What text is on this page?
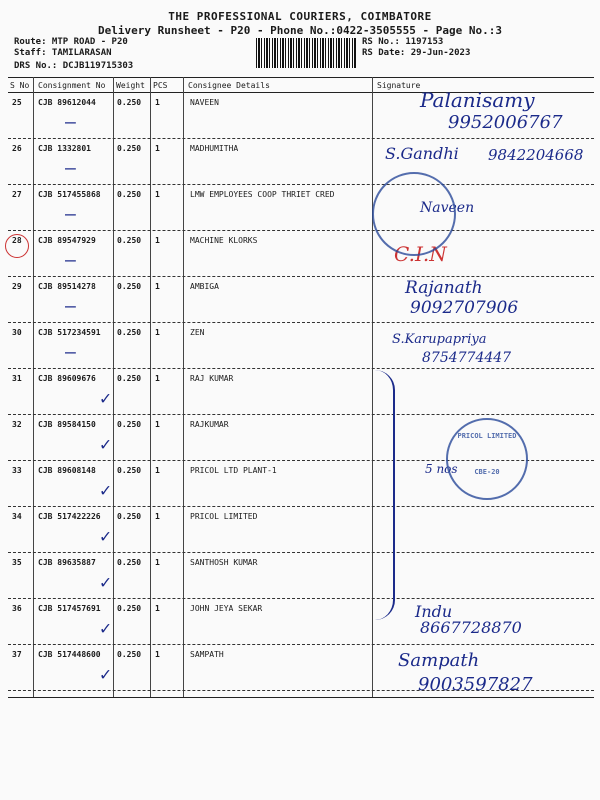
THE PROFESSIONAL COURIERS, COIMBATORE
Delivery Runsheet - P20 - Phone No.:0422-3505555 - Page No.:3
Route: MTP ROAD - P20
Staff: TAMILARASAN
DRS No.: DCJB119715303
RS No.: 1197153
RS Date: 29-Jun-2023
S No Consignment No Weight PCS	Consignee Details	Signature
25 CJB 89612044	0.250 1	NAVEEN
—
Palanisamy
9952006767
26 CJB 1332801	0.250 1	MADHUMITHA
—
S.Gandhi 9842204668
27 CJB 517455868 0.250 1	LMW EMPLOYEES COOP THRIET CRED
—	Naveen
28 CJB 89547929	0.250 1	MACHINE KLORKS
—	C.I.N
29 CJB 89514278	0.250 1	AMBIGA
—
Rajanath
9092707906
30 CJB 517234591 0.250 1	ZEN
—
S.Karupapriya
8754774447
31 CJB 89609676	0.250 1	RAJ KUMAR
✓
32 CJB 89584150	0.250 1	RAJKUMAR
✓
33 CJB 89608148	0.250 1	PRICOL LTD PLANT-1
✓
34 CJB 517422226 0.250 1	PRICOL LIMITED
✓
5 nos
35 CJB 89635887	0.250 1	SANTHOSH KUMAR
✓
36 CJB 517457691 0.250 1	JOHN JEYA SEKAR
✓
Indu
8667728870
37 CJB 517448600 0.250 1	SAMPATH
✓
Sampath
9003597827
PRICOL LIMITED
CBE-20
